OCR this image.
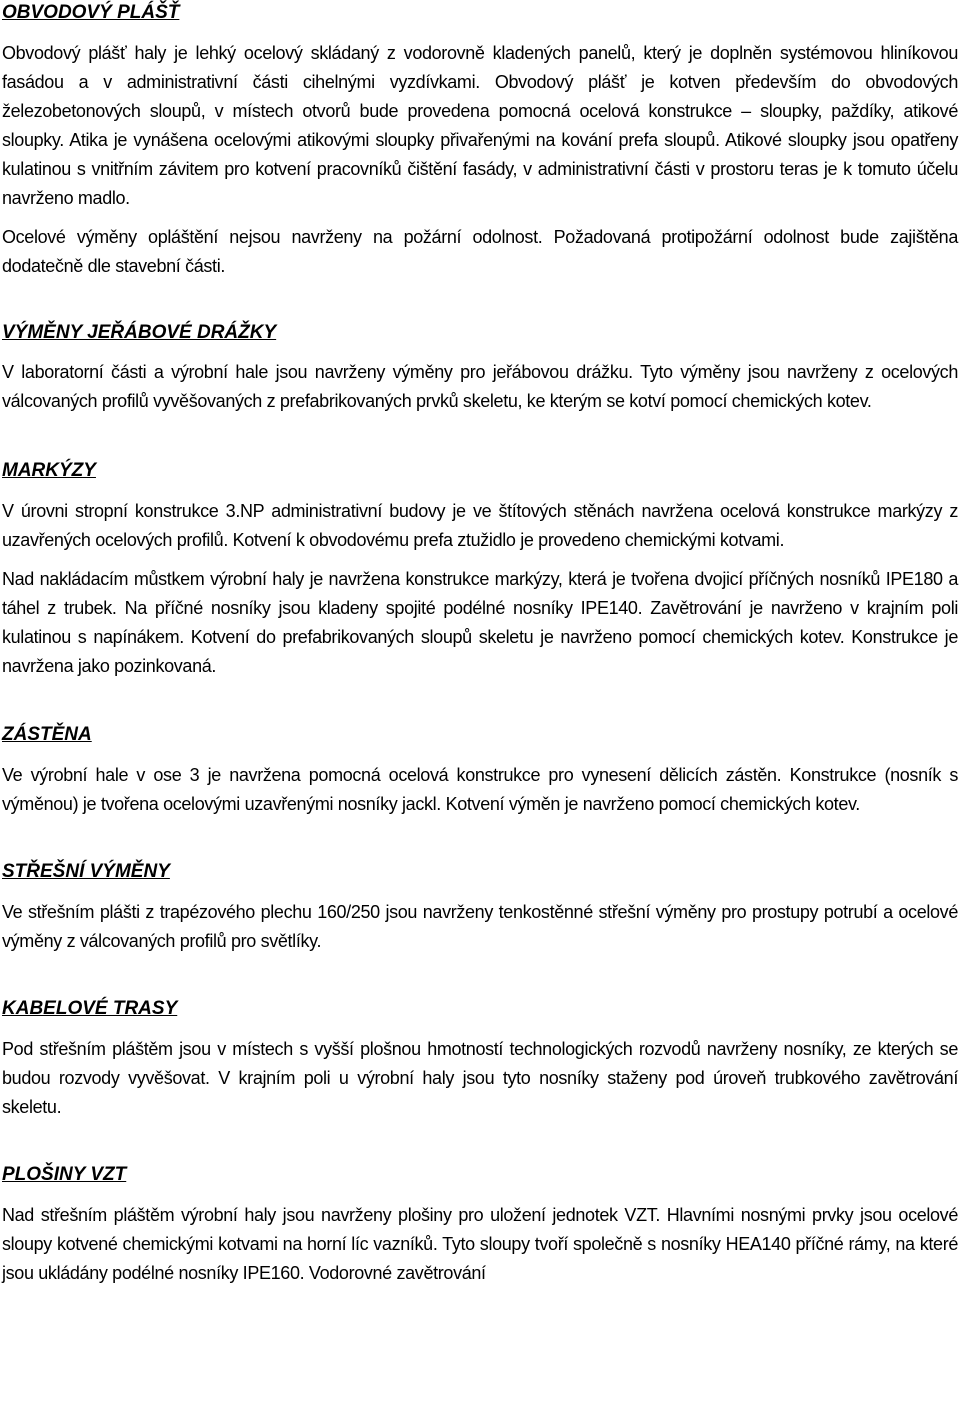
OBVODOVÝ PLÁŠŤ

Obvodový plášť haly je lehký ocelový skládaný z vodorovně kladených panelů, který je doplněn systémovou hliníkovou fasádou a v administrativní části cihelnými vyzdívkami. Obvodový plášť je kotven především do obvodových železobetonových sloupů, v místech otvorů bude provedena pomocná ocelová konstrukce – sloupky, paždíky, atikové sloupky. Atika je vynášena ocelovými atikovými sloupky přivařenými na kování prefa sloupů. Atikové sloupky jsou opatřeny kulatinou s vnitřním závitem pro kotvení pracovníků čištění fasády, v administrativní části v prostoru teras je k tomuto účelu navrženo madlo.

Ocelové výměny opláštění nejsou navrženy na požární odolnost. Požadovaná protipožární odolnost bude zajištěna dodatečně dle stavební části.

VÝMĚNY JEŘÁBOVÉ DRÁŽKY

V laboratorní části a výrobní hale jsou navrženy výměny pro jeřábovou drážku. Tyto výměny jsou navrženy z ocelových válcovaných profilů vyvěšovaných z prefabrikovaných prvků skeletu, ke kterým se kotví pomocí chemických kotev.

MARKÝZY

V úrovni stropní konstrukce 3.NP administrativní budovy je ve štítových stěnách navržena ocelová konstrukce markýzy z uzavřených ocelových profilů. Kotvení k obvodovému prefa ztužidlo je provedeno chemickými kotvami.

Nad nakládacím můstkem výrobní haly je navržena konstrukce markýzy, která je tvořena dvojicí příčných nosníků IPE180 a táhel z trubek. Na příčné nosníky jsou kladeny spojité podélné nosníky IPE140. Zavětrování je navrženo v krajním poli kulatinou s napínákem. Kotvení do prefabrikovaných sloupů skeletu je navrženo pomocí chemických kotev. Konstrukce je navržena jako pozinkovaná.

ZÁSTĚNA

Ve výrobní hale v ose 3 je navržena pomocná ocelová konstrukce pro vynesení dělicích zástěn. Konstrukce (nosník s výměnou) je tvořena ocelovými uzavřenými nosníky jackl. Kotvení výměn je navrženo pomocí chemických kotev.

STŘEŠNÍ VÝMĚNY

Ve střešním plášti z trapézového plechu 160/250 jsou navrženy tenkostěnné střešní výměny pro prostupy potrubí a ocelové výměny z válcovaných profilů pro světlíky.

KABELOVÉ TRASY

Pod střešním pláštěm jsou v místech s vyšší plošnou hmotností technologických rozvodů navrženy nosníky, ze kterých se budou rozvody vyvěšovat. V krajním poli u výrobní haly jsou tyto nosníky staženy pod úroveň trubkového zavětrování skeletu.

PLOŠINY VZT

Nad střešním pláštěm výrobní haly jsou navrženy plošiny pro uložení jednotek VZT. Hlavními nosnými prvky jsou ocelové sloupy kotvené chemickými kotvami na horní líc vazníků. Tyto sloupy tvoří společně s nosníky HEA140 příčné rámy, na které jsou ukládány podélné nosníky IPE160. Vodorovné zavětrování
